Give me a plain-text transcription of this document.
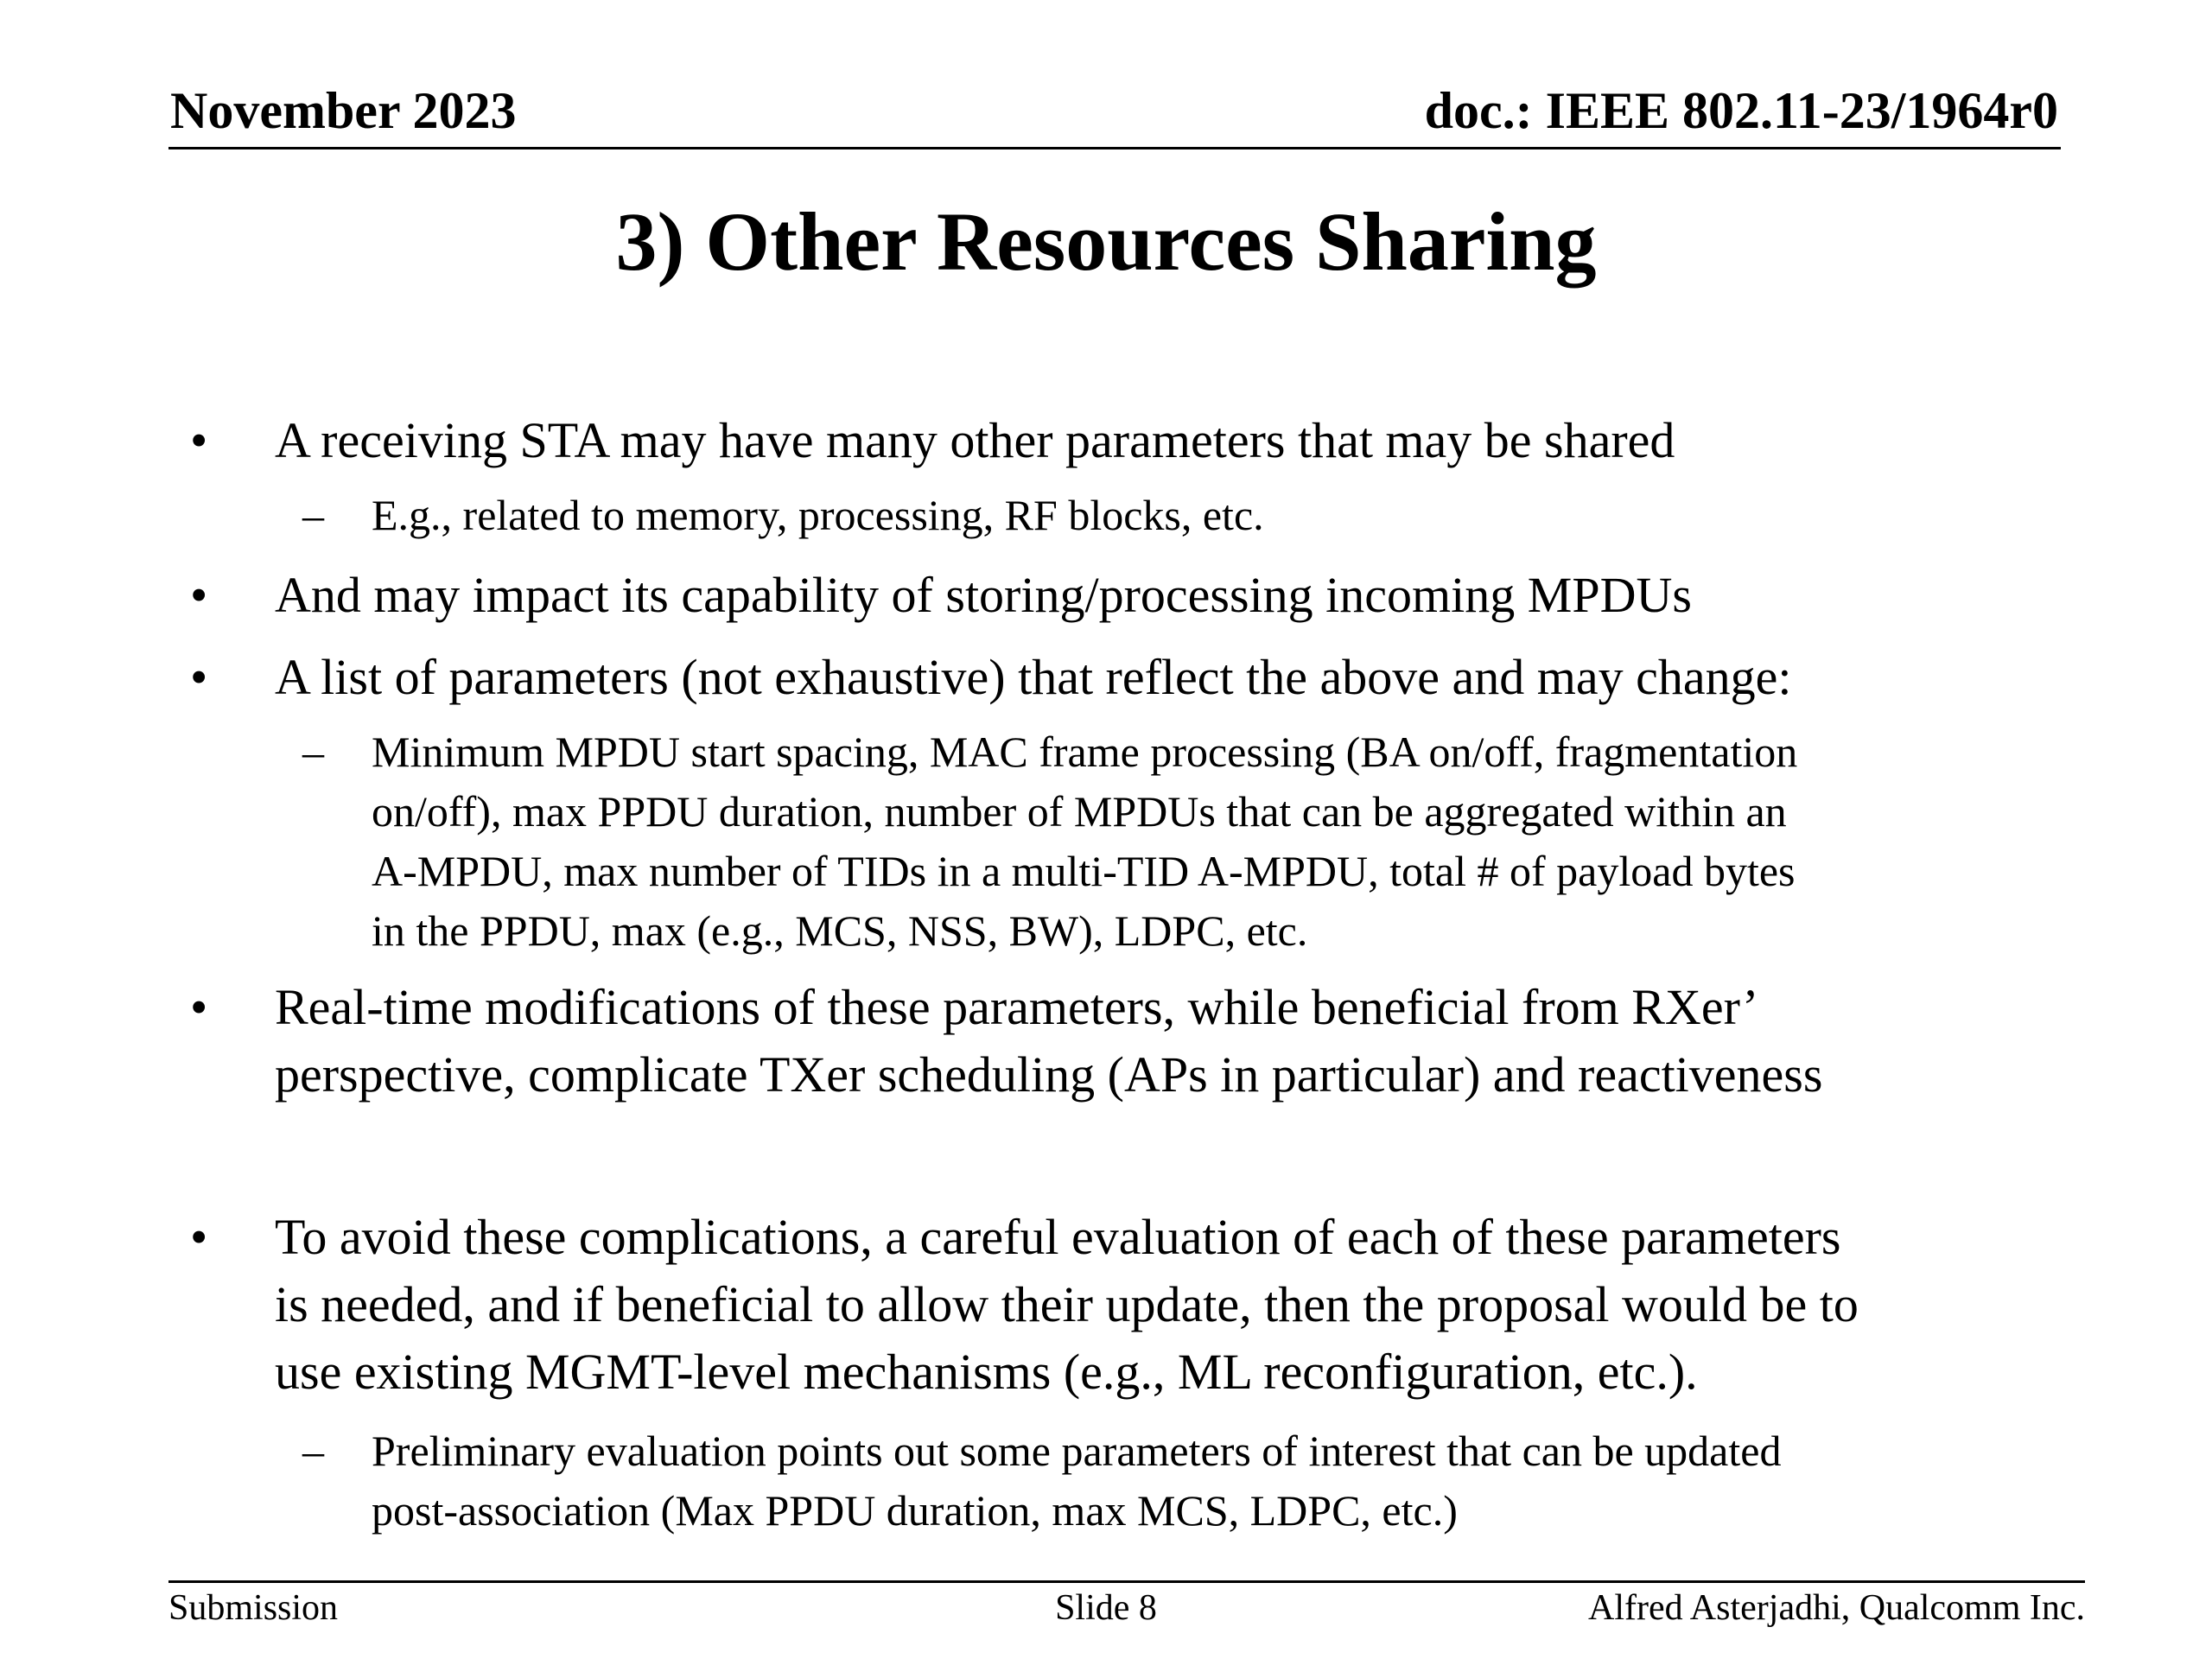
November 2023	doc.: IEEE 802.11-23/1964r0
3) Other Resources Sharing
• A receiving STA may have many other parameters that may be shared
– E.g., related to memory, processing, RF blocks, etc.
• And may impact its capability of storing/processing incoming MPDUs
• A list of parameters (not exhaustive) that reflect the above and may change:
– Minimum MPDU start spacing, MAC frame processing (BA on/off, fragmentation
on/off), max PPDU duration, number of MPDUs that can be aggregated within an
A-MPDU, max number of TIDs in a multi-TID A-MPDU, total # of payload bytes
in the PPDU, max (e.g., MCS, NSS, BW), LDPC, etc.
• Real-time modifications of these parameters, while beneficial from RXer’
perspective, complicate TXer scheduling (APs in particular) and reactiveness
• To avoid these complications, a careful evaluation of each of these parameters
is needed, and if beneficial to allow their update, then the proposal would be to
use existing MGMT-level mechanisms (e.g., ML reconfiguration, etc.).
– Preliminary evaluation points out some parameters of interest that can be updated
post-association (Max PPDU duration, max MCS, LDPC, etc.)
Submission	Slide 8	Alfred Asterjadhi, Qualcomm Inc.
